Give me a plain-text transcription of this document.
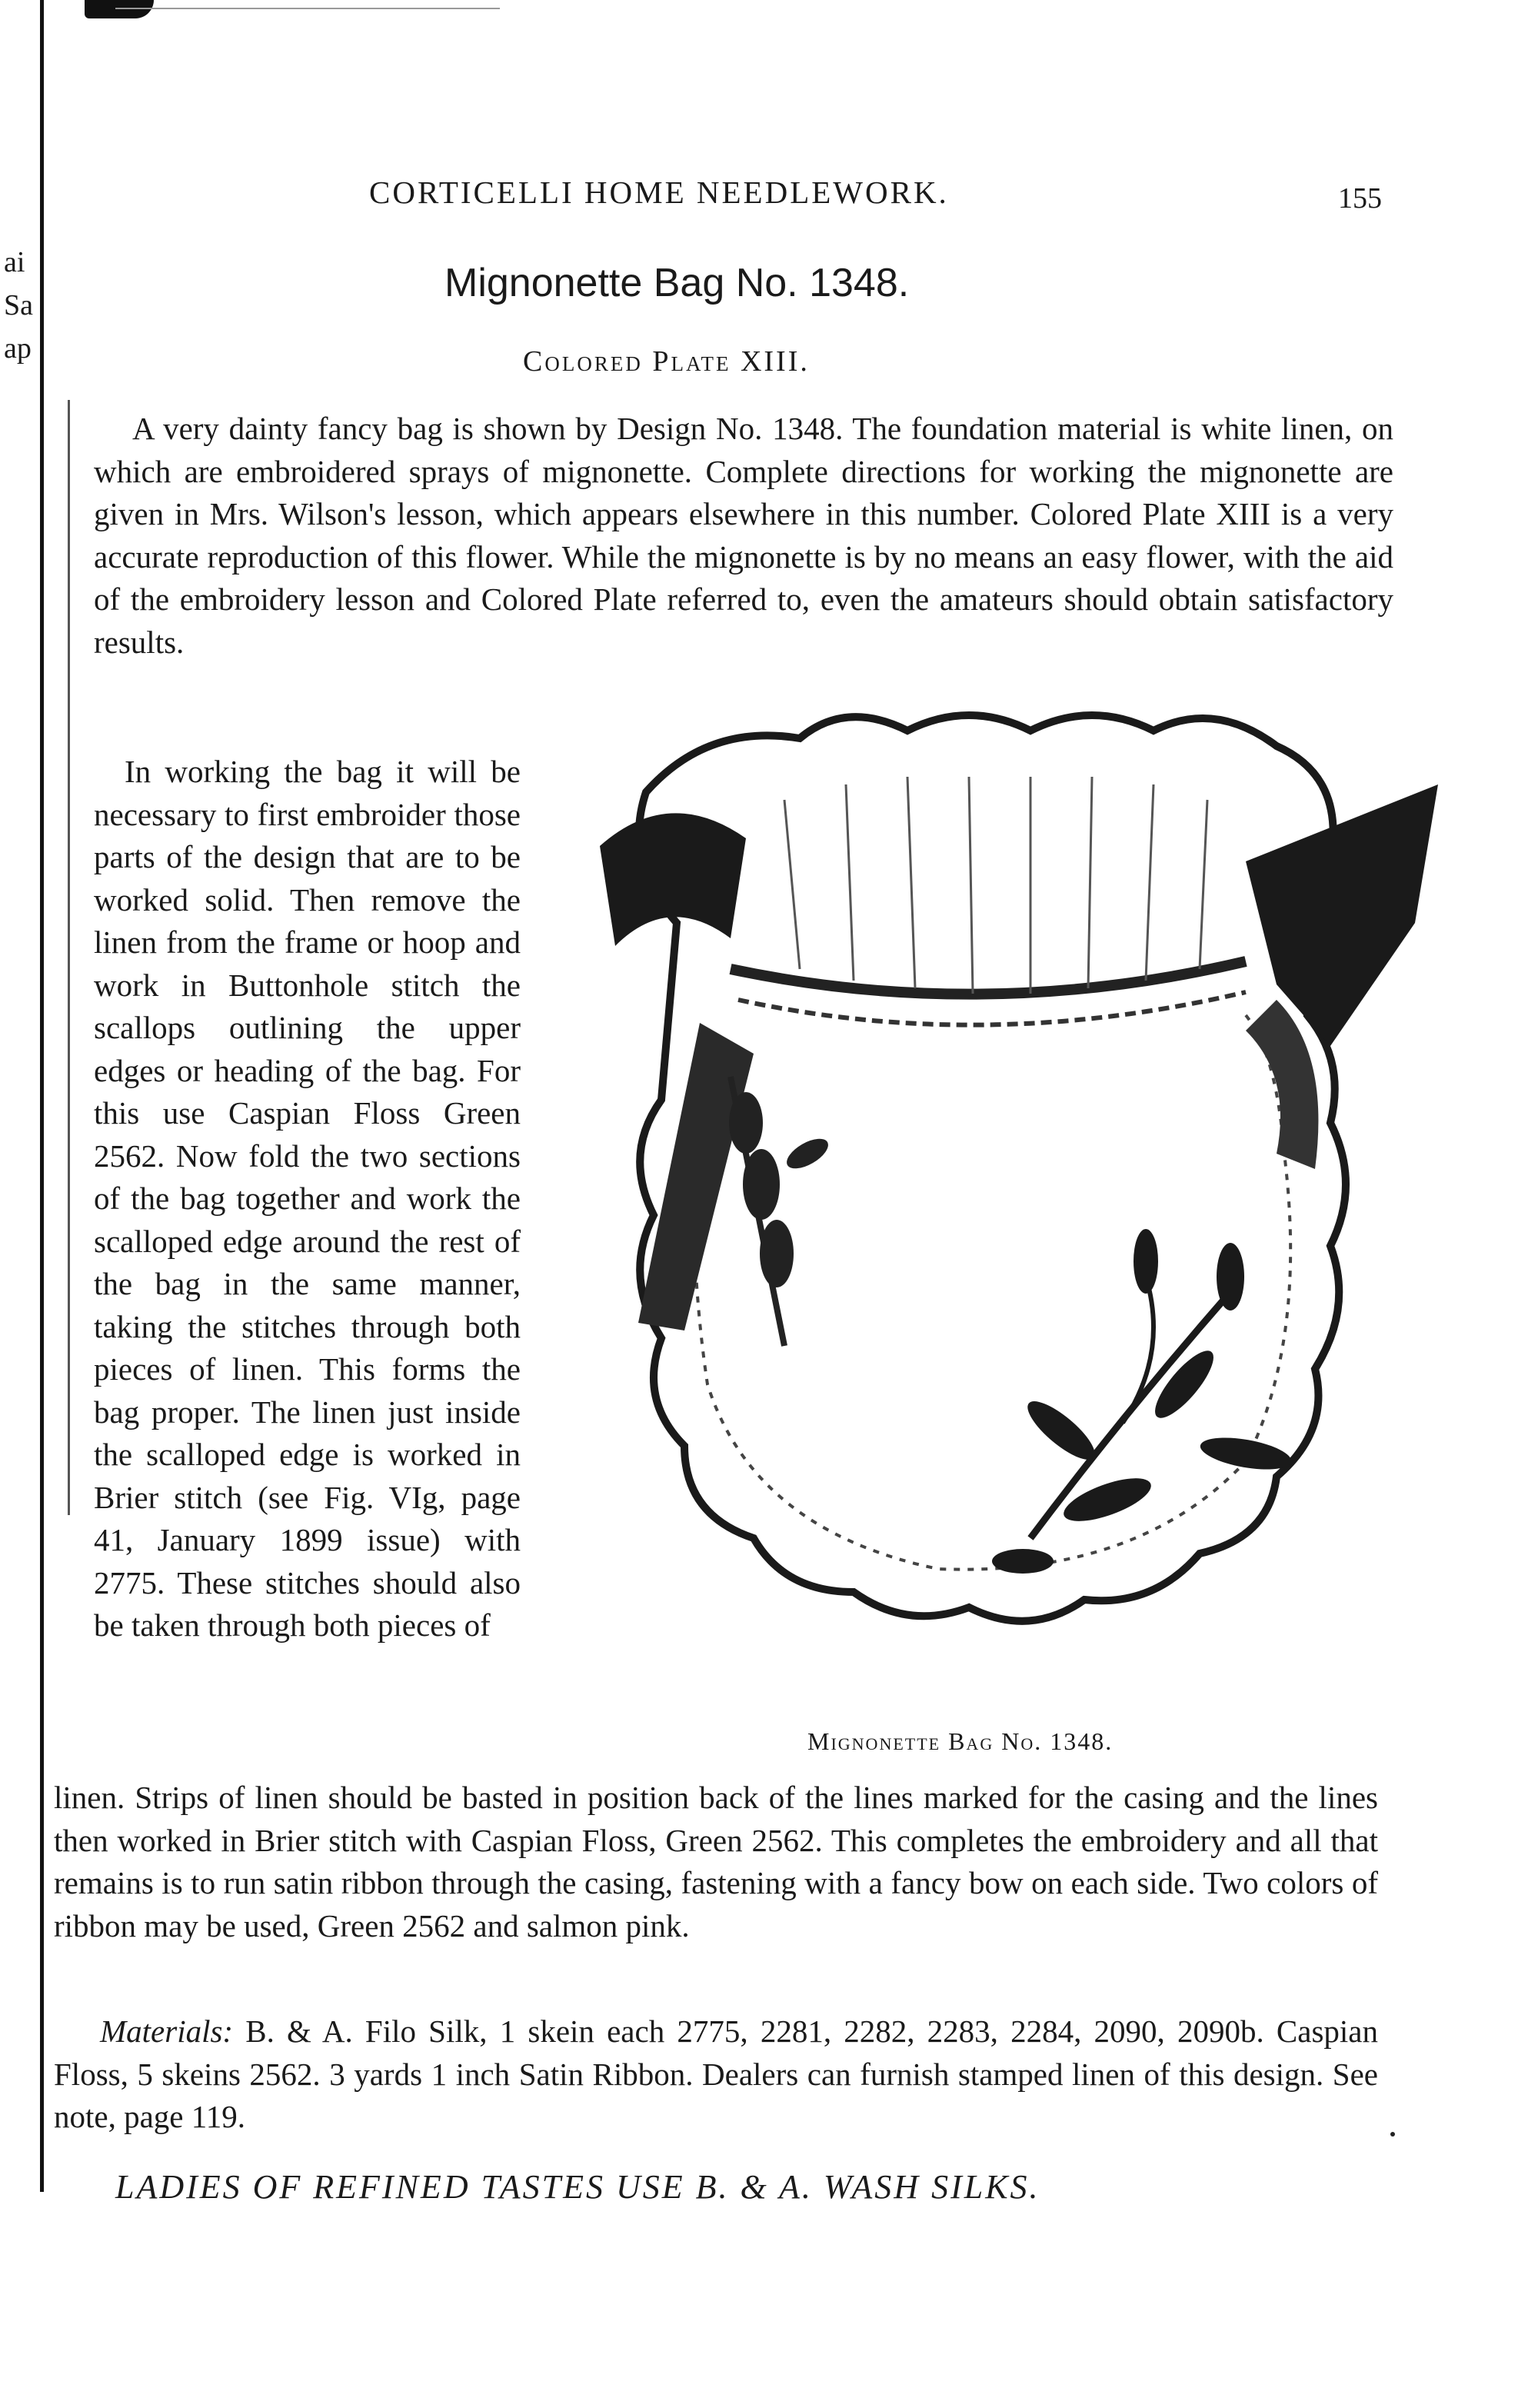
ai
Sa
ap
CORTICELLI HOME NEEDLEWORK.	155
Mignonette Bag No. 1348.
Colored Plate XIII.

A very dainty fancy bag is shown by Design No. 1348. The foundation material is white linen, on which are embroidered sprays of mignonette. Complete directions for working the mignonette are given in Mrs. Wilson's lesson, which appears elsewhere in this number. Colored Plate XIII is a very accurate reproduction of this flower. While the mignonette is by no means an easy flower, with the aid of the embroidery lesson and Colored Plate referred to, even the amateurs should obtain satisfactory results.

In working the bag it will be necessary to first embroider those parts of the design that are to be worked solid. Then remove the linen from the frame or hoop and work in Buttonhole stitch the scallops outlining the upper edges or heading of the bag. For this use Caspian Floss Green 2562. Now fold the two sections of the bag together and work the scalloped edge around the rest of the bag in the same manner, taking the stitches through both pieces of linen. This forms the bag proper. The linen just inside the scalloped edge is worked in Brier stitch (see Fig. VIg, page 41, January 1899 issue) with 2775. These stitches should also be taken through both pieces of

Mignonette Bag No. 1348.

linen. Strips of linen should be basted in position back of the lines marked for the casing and the lines then worked in Brier stitch with Caspian Floss, Green 2562. This completes the embroidery and all that remains is to run satin ribbon through the casing, fastening with a fancy bow on each side. Two colors of ribbon may be used, Green 2562 and salmon pink.

Materials: B. & A. Filo Silk, 1 skein each 2775, 2281, 2282, 2283, 2284, 2090, 2090b. Caspian Floss, 5 skeins 2562. 3 yards 1 inch Satin Ribbon. Dealers can furnish stamped linen of this design. See note, page 119.

LADIES OF REFINED TASTES USE B. & A. WASH SILKS.
